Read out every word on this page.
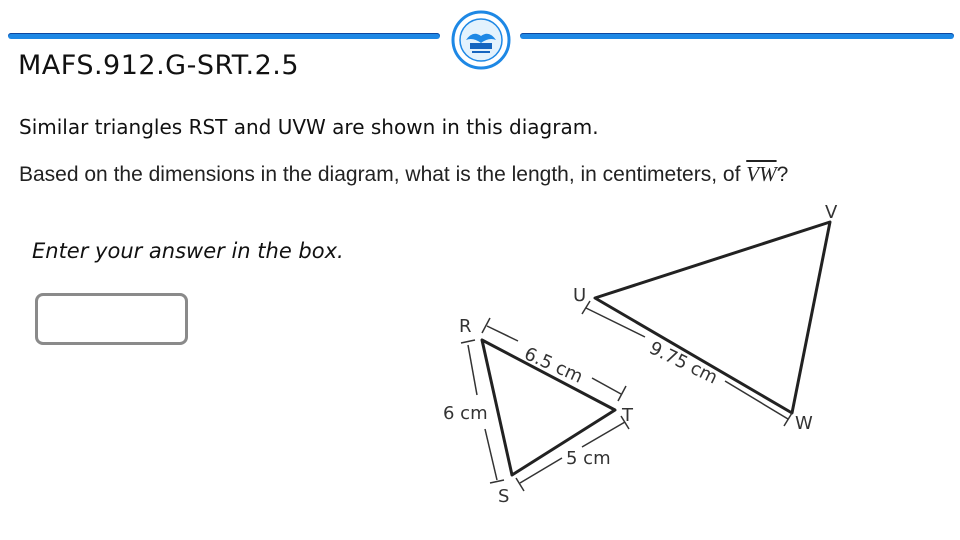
MAFS.912.G-SRT.2.5
Similar triangles RST and UVW are shown in this diagram.
Based on the dimensions in the diagram, what is the length, in centimeters, of $\overline{VW}$?
Enter your answer in the box.
R
S
T
U
V
W
6.5 cm
6 cm
5 cm
9.75 cm
